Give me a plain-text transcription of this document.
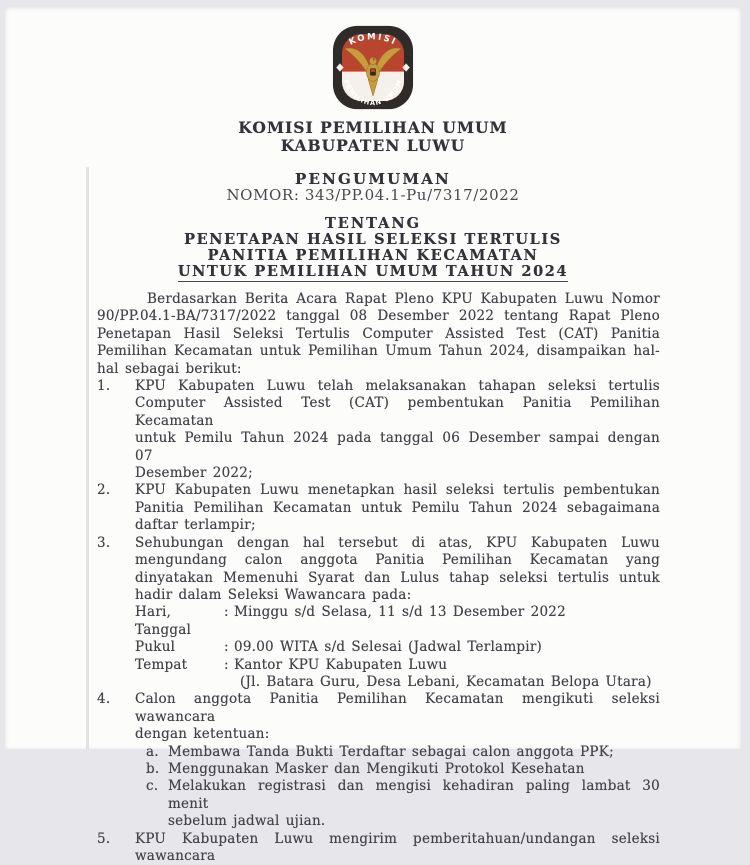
KOMISI
PEMILIHAN UMUM
KOMISI PEMILIHAN UMUM
KABUPATEN LUWU
PENGUMUMAN
NOMOR: 343/PP.04.1-Pu/7317/2022
TENTANG
PENETAPAN HASIL SELEKSI TERTULIS
PANITIA PEMILIHAN KECAMATAN
UNTUK PEMILIHAN UMUM TAHUN 2024
Berdasarkan Berita Acara Rapat Pleno KPU Kabupaten Luwu Nomor
90/PP.04.1-BA/7317/2022 tanggal 08 Desember 2022 tentang Rapat Pleno
Penetapan Hasil Seleksi Tertulis Computer Assisted Test (CAT) Panitia
Pemilihan Kecamatan untuk Pemilihan Umum Tahun 2024, disampaikan hal-
hal sebagai berikut:
1.	KPU Kabupaten Luwu telah melaksanakan tahapan seleksi tertulis
Computer Assisted Test (CAT) pembentukan Panitia Pemilihan Kecamatan
untuk Pemilu Tahun 2024 pada tanggal 06 Desember sampai dengan 07
Desember 2022;
2.	KPU Kabupaten Luwu menetapkan hasil seleksi tertulis pembentukan
Panitia Pemilihan Kecamatan untuk Pemilu Tahun 2024 sebagaimana
daftar terlampir;
3.	Sehubungan dengan hal tersebut di atas, KPU Kabupaten Luwu
mengundang calon anggota Panitia Pemilihan Kecamatan yang
dinyatakan Memenuhi Syarat dan Lulus tahap seleksi tertulis untuk
hadir dalam Seleksi Wawancara pada:
Hari, Tanggal
: Minggu s/d Selasa, 11 s/d 13 Desember 2022
Pukul	: 09.00 WITA s/d Selesai (Jadwal Terlampir)
Tempat	: Kantor KPU Kabupaten Luwu
(Jl. Batara Guru, Desa Lebani, Kecamatan Belopa Utara)
4.	Calon anggota Panitia Pemilihan Kecamatan mengikuti seleksi wawancara
dengan ketentuan:
a. Membawa Tanda Bukti Terdaftar sebagai calon anggota PPK;
b. Menggunakan Masker dan Mengikuti Protokol Kesehatan
c. Melakukan registrasi dan mengisi kehadiran paling lambat 30 menit
sebelum jadwal ujian.
5.	KPU Kabupaten Luwu mengirim pemberitahuan/undangan seleksi wawancara
